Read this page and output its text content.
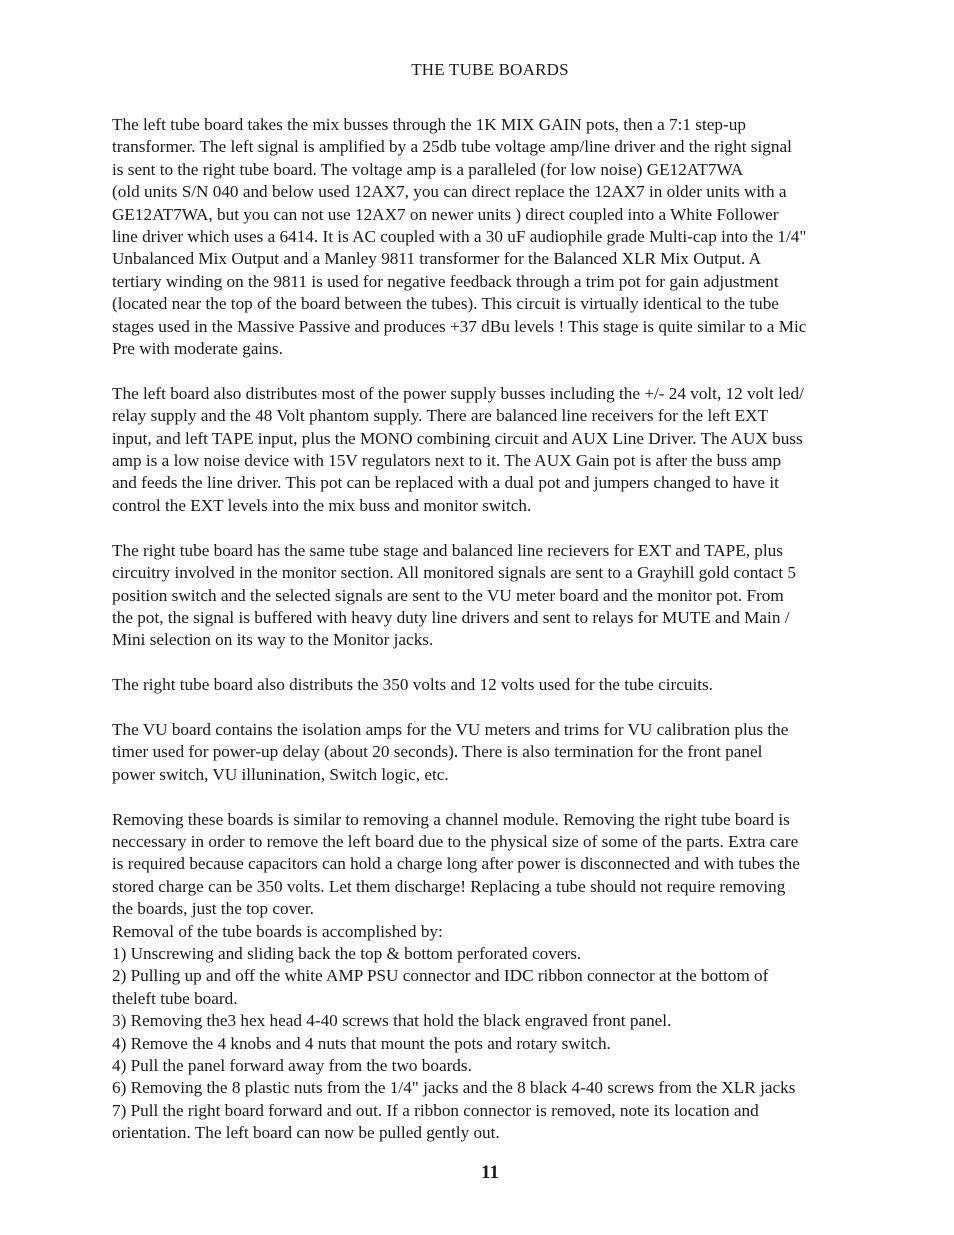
THE TUBE BOARDS
The left tube board takes the mix busses through the 1K MIX GAIN pots, then a 7:1 step-up
transformer. The left signal is amplified by a 25db tube voltage amp/line driver and the right signal
is sent to the right tube board. The voltage amp is a paralleled (for low noise) GE12AT7WA
(old units S/N 040 and below used 12AX7, you can direct replace the 12AX7 in older units with a
GE12AT7WA, but you can not use 12AX7 on newer units ) direct coupled into a White Follower
line driver which uses a 6414. It is AC coupled with a 30 uF audiophile grade Multi-cap into the 1/4"
Unbalanced Mix Output and a Manley 9811 transformer for the Balanced XLR Mix Output. A
tertiary winding on the 9811 is used for negative feedback through a trim pot for gain adjustment
(located near the top of the board between the tubes). This circuit is virtually identical to the tube
stages used in the Massive Passive and produces +37 dBu levels ! This stage is quite similar to a Mic
Pre with moderate gains.
The left board also distributes most of the power supply busses including the +/- 24 volt, 12 volt led/
relay supply and the 48 Volt phantom supply. There are balanced line receivers for the left EXT
input, and left TAPE input, plus the MONO combining circuit and AUX Line Driver. The AUX buss
amp is a low noise device with 15V regulators next to it. The AUX Gain pot is after the buss amp
and feeds the line driver. This pot can be replaced with a dual pot and jumpers changed to have it
control the EXT levels into the mix buss and monitor switch.
The right tube board has the same tube stage and balanced line recievers for EXT and TAPE, plus
circuitry involved in the monitor section. All monitored signals are sent to a Grayhill gold contact 5
position switch and the selected signals are sent to the VU meter board and the monitor pot. From
the pot, the signal is buffered with heavy duty line drivers and sent to relays for MUTE and Main /
Mini selection on its way to the Monitor jacks.
The right tube board also distributs the 350 volts and 12 volts used for the tube circuits.
The VU board contains the isolation amps for the VU meters and trims for VU calibration plus the
timer used for power-up delay (about 20 seconds). There is also termination for the front panel
power switch, VU illunination, Switch logic, etc.
Removing these boards is similar to removing a channel module. Removing the right tube board is
neccessary in order to remove the left board due to the physical size of some of the parts. Extra care
is required because capacitors can hold a charge long after power is disconnected and with tubes the
stored charge can be 350 volts. Let them discharge! Replacing a tube should not require removing
the boards, just the top cover.
Removal of the tube boards is accomplished by:
1) Unscrewing and sliding back the top & bottom perforated covers.
2) Pulling up and off the white AMP PSU connector and IDC ribbon connector at the bottom of
theleft tube board.
3) Removing the3 hex head 4-40 screws that hold the black engraved front panel.
4) Remove the 4 knobs and 4 nuts that mount the pots and rotary switch.
4) Pull the panel forward away from the two boards.
6) Removing the 8 plastic nuts from the 1/4" jacks and the 8 black 4-40 screws from the XLR jacks
7) Pull the right board forward and out. If a ribbon connector is removed, note its location and
orientation. The left board can now be pulled gently out.
11
